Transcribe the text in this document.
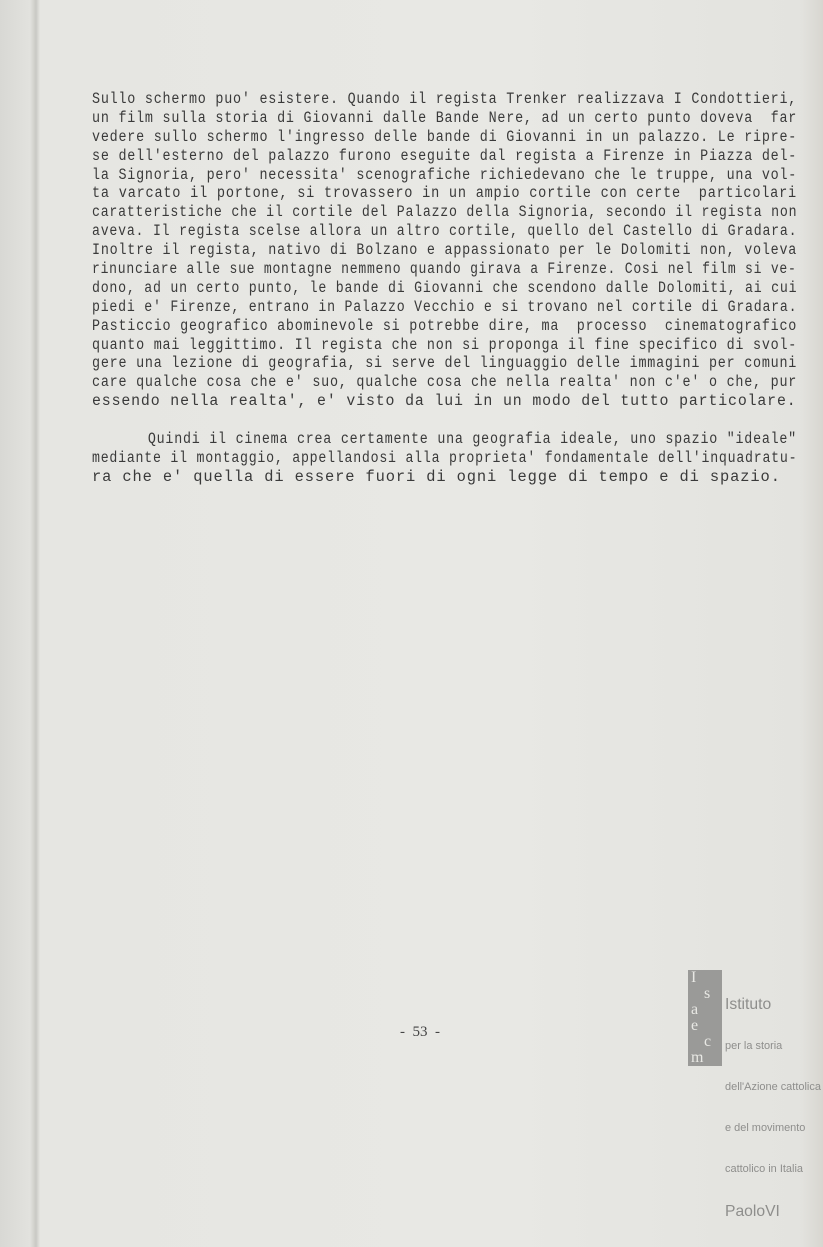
Sullo schermo puo' esistere. Quando il regista Trenker realizzava I Condottieri,
un film sulla storia di Giovanni dalle Bande Nere, ad un certo punto doveva  far
vedere sullo schermo l'ingresso delle bande di Giovanni in un palazzo. Le ripre-
se dell'esterno del palazzo furono eseguite dal regista a Firenze in Piazza del-
la Signoria, pero' necessita' scenografiche richiedevano che le truppe, una vol-
ta varcato il portone, si trovassero in un ampio cortile con certe  particolari
caratteristiche che il cortile del Palazzo della Signoria, secondo il regista non
aveva. Il regista scelse allora un altro cortile, quello del Castello di Gradara.
Inoltre il regista, nativo di Bolzano e appassionato per le Dolomiti non, voleva
rinunciare alle sue montagne nemmeno quando girava a Firenze. Cosi nel film si ve-
dono, ad un certo punto, le bande di Giovanni che scendono dalle Dolomiti, ai cui
piedi e' Firenze, entrano in Palazzo Vecchio e si trovano nel cortile di Gradara.
Pasticcio geografico abominevole si potrebbe dire, ma  processo  cinematografico
quanto mai leggittimo. Il regista che non si proponga il fine specifico di svol-
gere una lezione di geografia, si serve del linguaggio delle immagini per comuni
care qualche cosa che e' suo, qualche cosa che nella realta' non c'e' o che, pur
essendo nella realta', e' visto da lui in un modo del tutto particolare.
Quindi il cinema crea certamente una geografia ideale, uno spazio "ideale"
mediante il montaggio, appellandosi alla proprieta' fondamentale dell'inquadratu-
ra che e' quella di essere fuori di ogni legge di tempo e di spazio.
-  53  -
I
s
a
e
c
m

Istituto

per la storia

dell'Azione cattolica

e del movimento

cattolico in Italia

PaoloVI
